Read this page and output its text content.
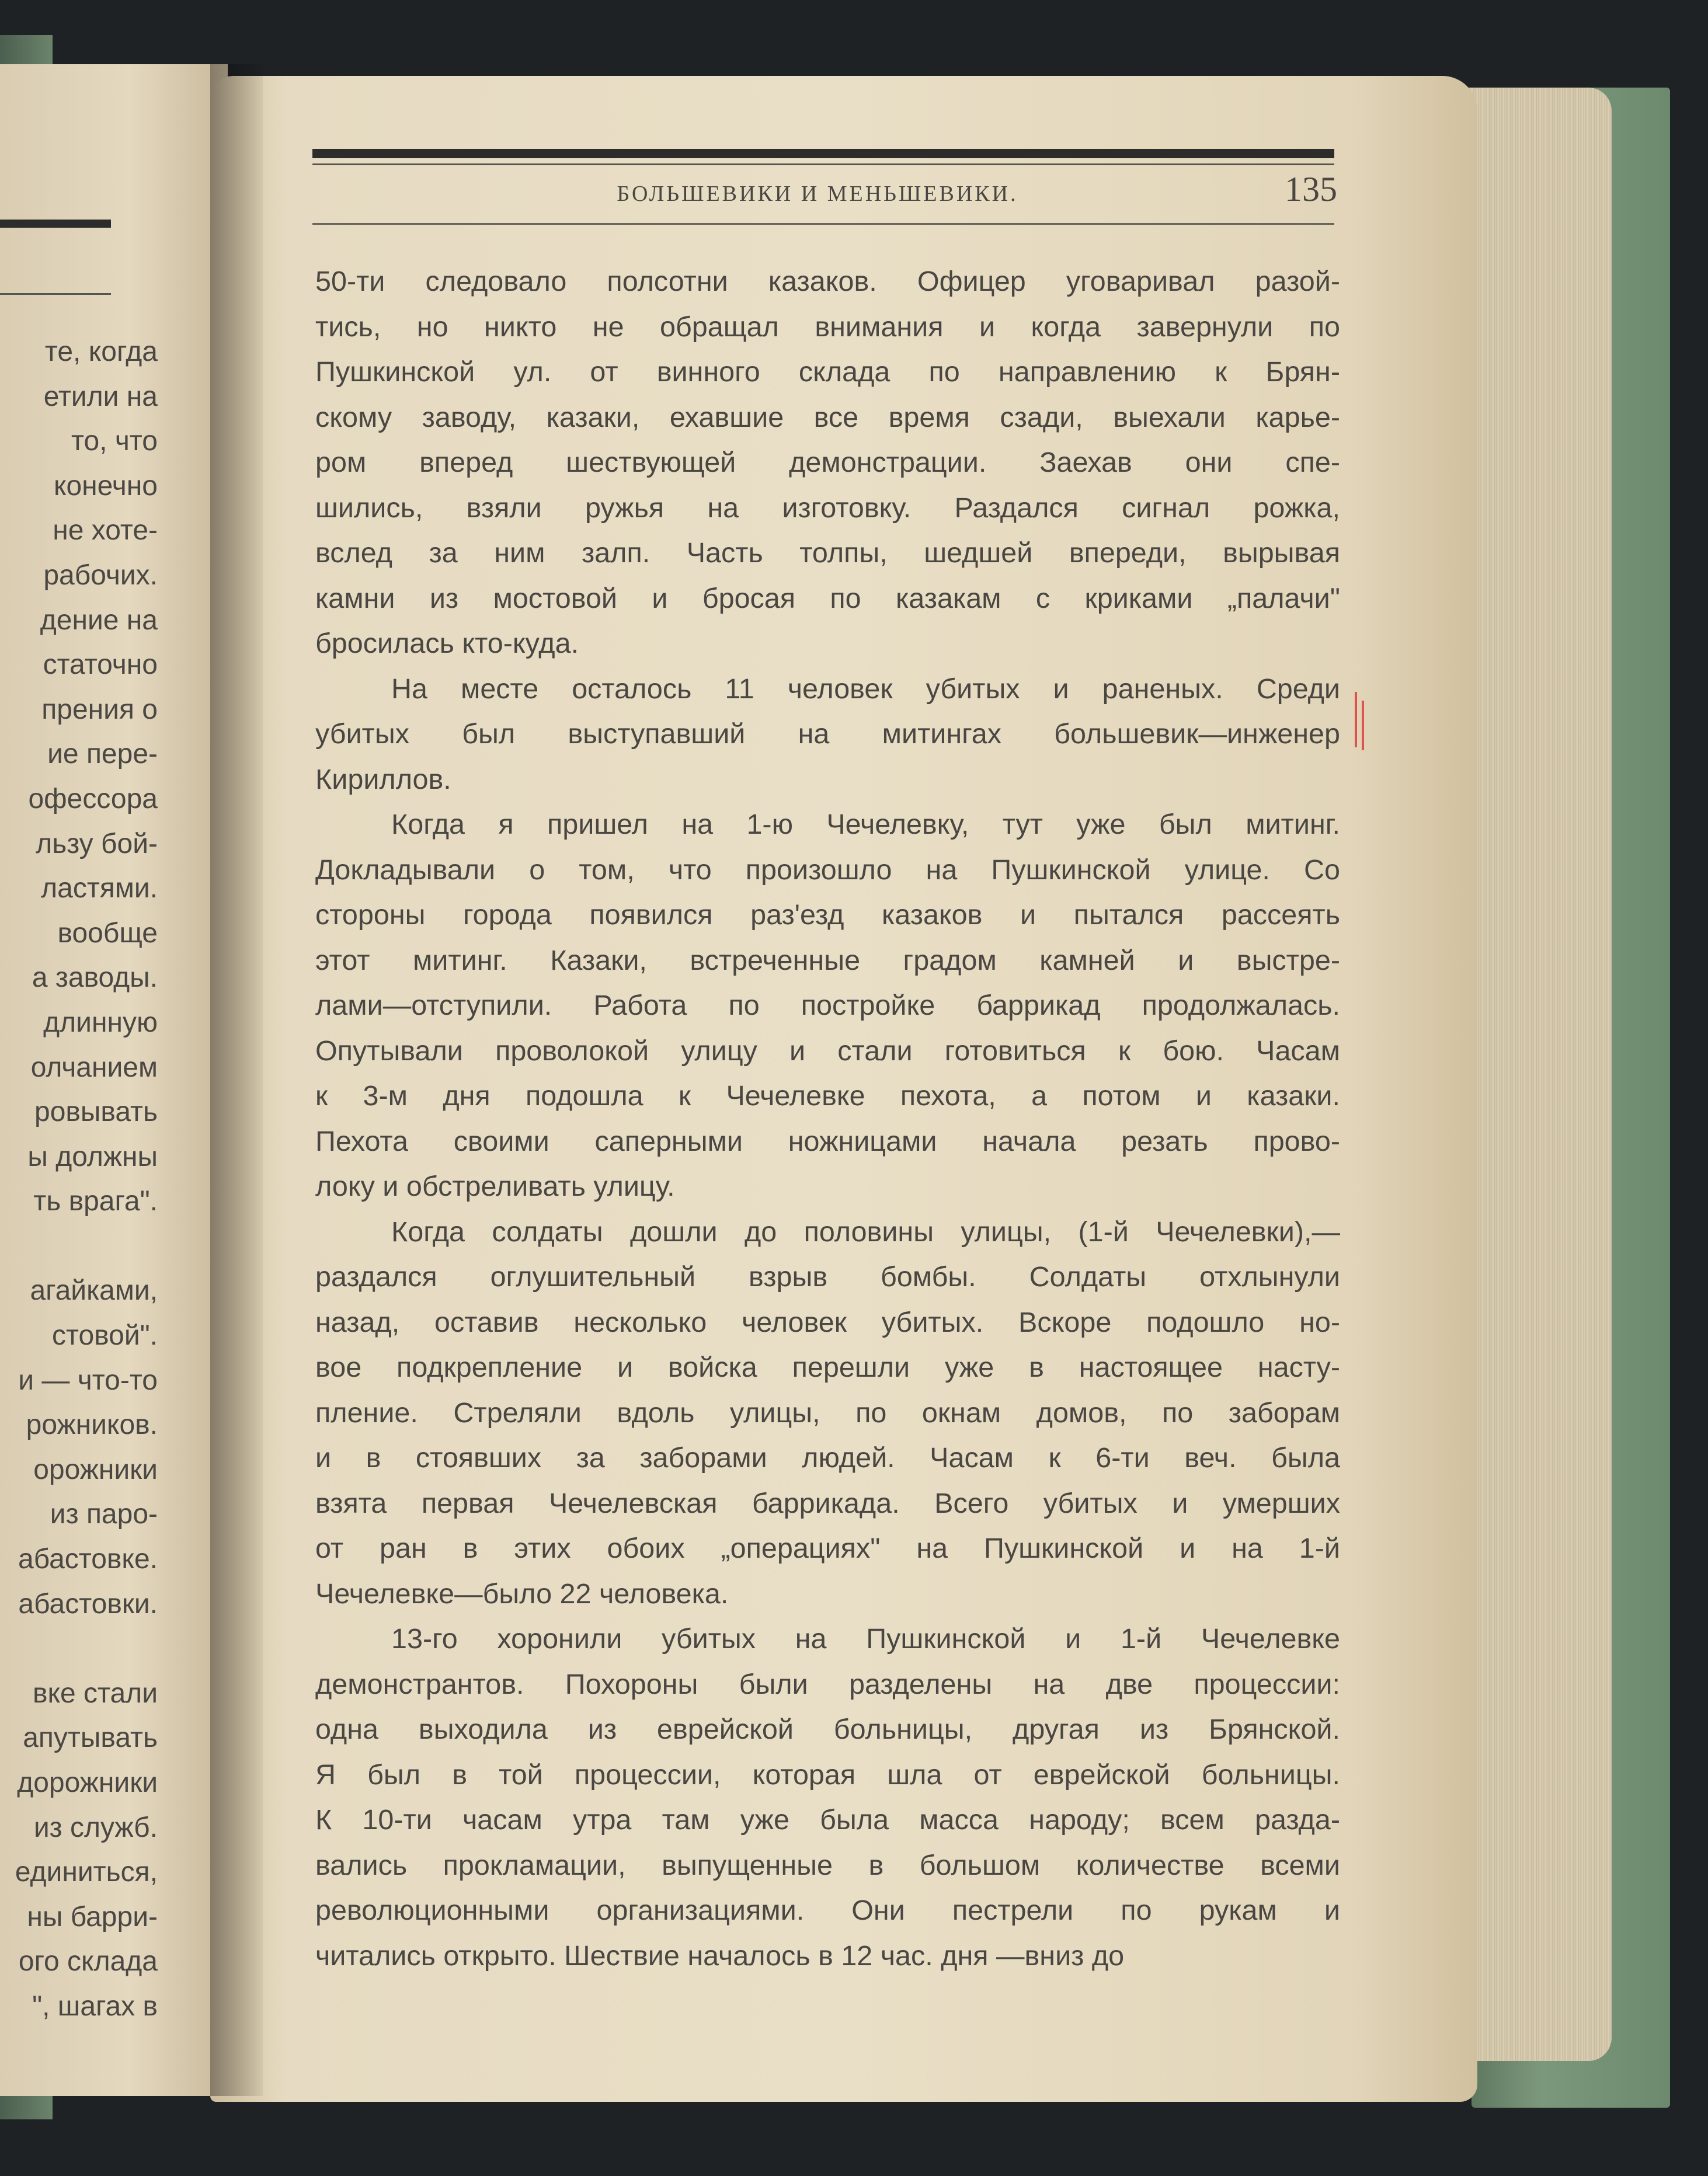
те, когда
етили на
то, что
конечно
не хоте-
рабочих.
дение на
статочно
прения о
ие пере-
офессора
льзу бой-
ластями.
вообще
а заводы.
длинную
олчанием
ровывать
ы должны
ть врага".
агайками,
стовой".
и — что-то
рожников.
орожники
из паро-
абастовке.
абастовки.
вке стали
апутывать
дорожники
из служб.
единиться,
ны барри-
ого склада
", шагах в
БОЛЬШЕВИКИ И МЕНЬШЕВИКИ.	135
50-ти следовало полсотни казаков. Офицер уговаривал разой-
тись, но никто не обращал внимания и когда завернули по
Пушкинской ул. от винного склада по направлению к Брян-
скому заводу, казаки, ехавшие все время сзади, выехали карье-
ром вперед шествующей демонстрации. Заехав они спе-
шились, взяли ружья на изготовку. Раздался сигнал рожка,
вслед за ним залп. Часть толпы, шедшей впереди, вырывая
камни из мостовой и бросая по казакам с криками „палачи"
бросилась кто-куда.
На месте осталось 11 человек убитых и раненых. Среди
убитых был выступавший на митингах большевик—инженер
Кириллов.
Когда я пришел на 1-ю Чечелевку, тут уже был митинг.
Докладывали о том, что произошло на Пушкинской улице. Со
стороны города появился раз'езд казаков и пытался рассеять
этот митинг. Казаки, встреченные градом камней и выстре-
лами—отступили. Работа по постройке баррикад продолжалась.
Опутывали проволокой улицу и стали готовиться к бою. Часам
к 3-м дня подошла к Чечелевке пехота, а потом и казаки.
Пехота своими саперными ножницами начала резать прово-
локу и обстреливать улицу.
Когда солдаты дошли до половины улицы, (1-й Чечелевки),—
раздался оглушительный взрыв бомбы. Солдаты отхлынули
назад, оставив несколько человек убитых. Вскоре подошло но-
вое подкрепление и войска перешли уже в настоящее насту-
пление. Стреляли вдоль улицы, по окнам домов, по заборам
и в стоявших за заборами людей. Часам к 6-ти веч. была
взята первая Чечелевская баррикада. Всего убитых и умерших
от ран в этих обоих „операциях" на Пушкинской и на 1-й
Чечелевке—было 22 человека.
13-го хоронили убитых на Пушкинской и 1-й Чечелевке
демонстрантов. Похороны были разделены на две процессии:
одна выходила из еврейской больницы, другая из Брянской.
Я был в той процессии, которая шла от еврейской больницы.
К 10-ти часам утра там уже была масса народу; всем разда-
вались прокламации, выпущенные в большом количестве всеми
революционными организациями. Они пестрели по рукам и
читались открыто. Шествие началось в 12 час. дня —вниз до
